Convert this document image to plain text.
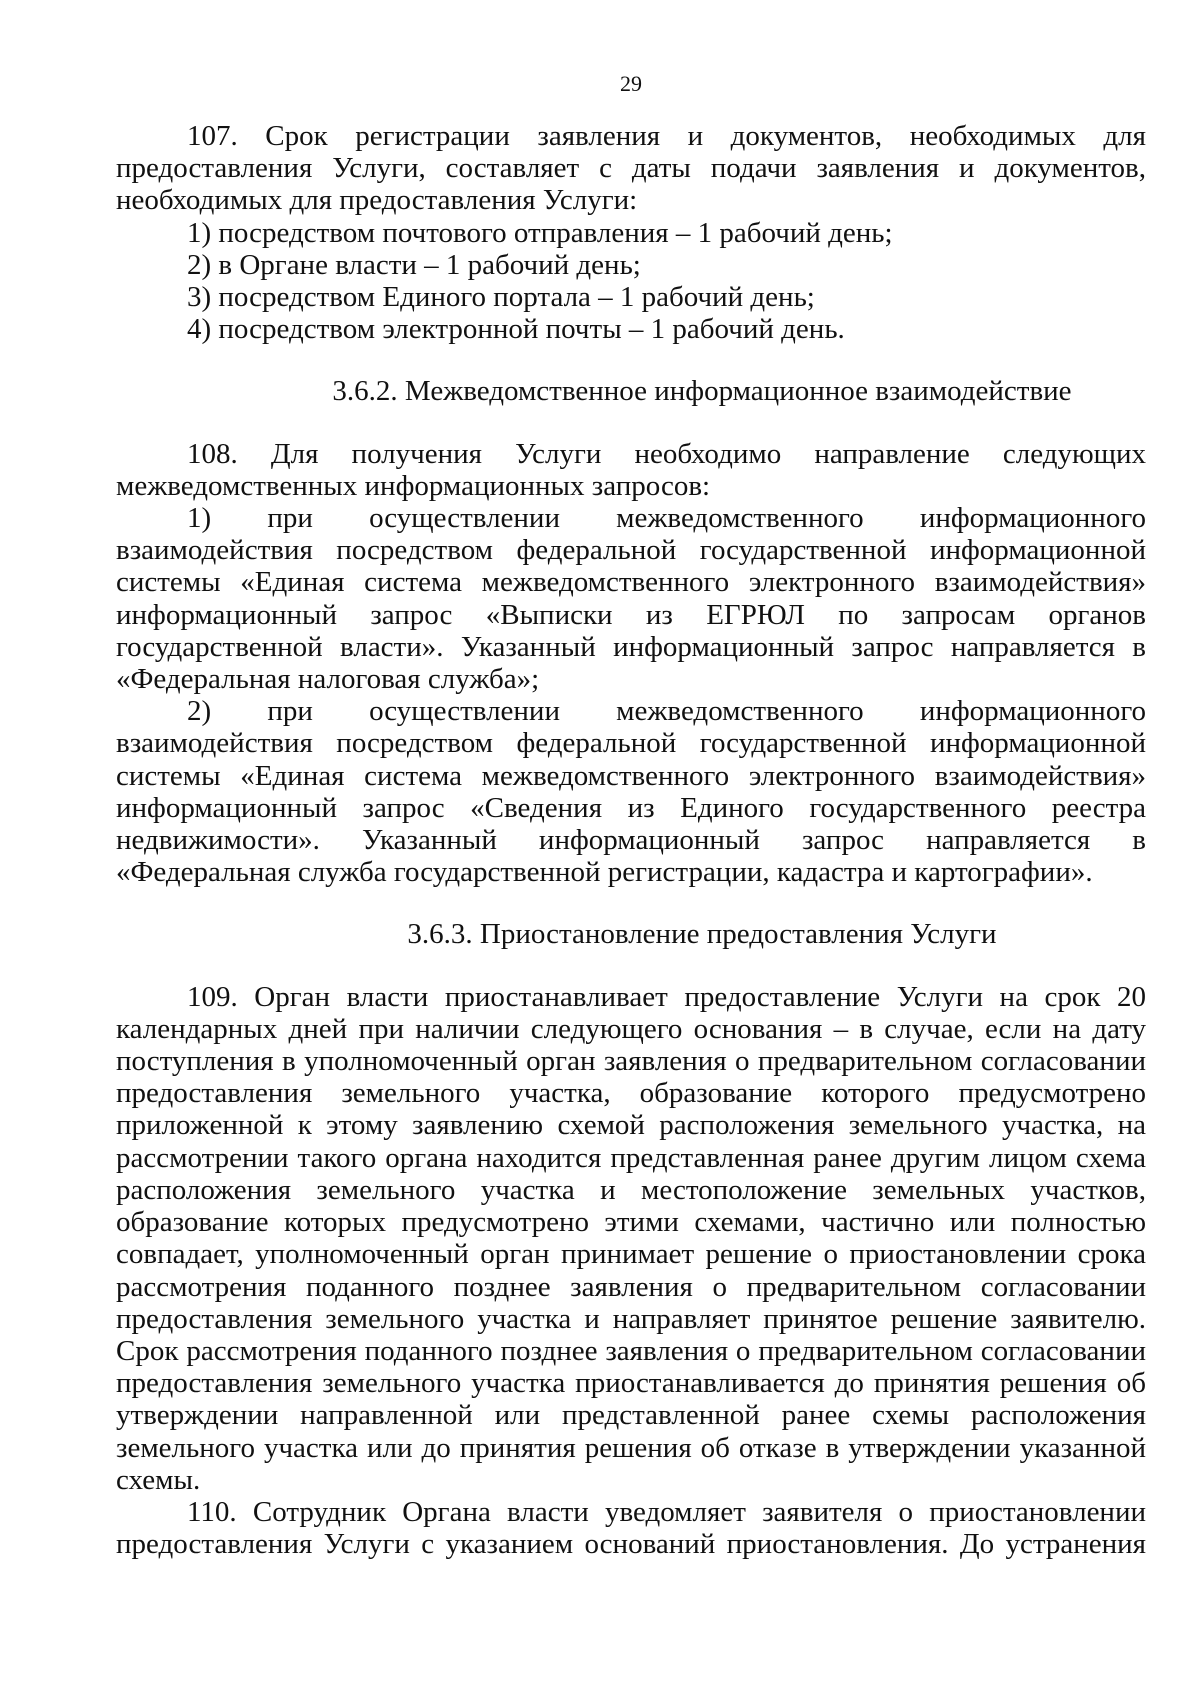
29

107. Срок регистрации заявления и документов, необходимых для предоставления Услуги, составляет с даты подачи заявления и документов, необходимых для предоставления Услуги:

1) посредством почтового отправления – 1 рабочий день;

2) в Органе власти – 1 рабочий день;

3) посредством Единого портала – 1 рабочий день;

4) посредством электронной почты – 1 рабочий день.

3.6.2. Межведомственное информационное взаимодействие

108. Для получения Услуги необходимо направление следующих межведомственных информационных запросов:

1) при осуществлении межведомственного информационного взаимодействия посредством федеральной государственной информационной системы «Единая система межведомственного электронного взаимодействия» информационный запрос «Выписки из ЕГРЮЛ по запросам органов государственной власти». Указанный информационный запрос направляется в «Федеральная налоговая служба»;

2) при осуществлении межведомственного информационного взаимодействия посредством федеральной государственной информационной системы «Единая система межведомственного электронного взаимодействия» информационный запрос «Сведения из Единого государственного реестра недвижимости». Указанный информационный запрос направляется в «Федеральная служба государственной регистрации, кадастра и картографии».

3.6.3. Приостановление предоставления Услуги

109. Орган власти приостанавливает предоставление Услуги на срок 20 календарных дней при наличии следующего основания – в случае, если на дату поступления в уполномоченный орган заявления о предварительном согласовании предоставления земельного участка, образование которого предусмотрено приложенной к этому заявлению схемой расположения земельного участка, на рассмотрении такого органа находится представленная ранее другим лицом схема расположения земельного участка и местоположение земельных участков, образование которых предусмотрено этими схемами, частично или полностью совпадает, уполномоченный орган принимает решение о приостановлении срока рассмотрения поданного позднее заявления о предварительном согласовании предоставления земельного участка и направляет принятое решение заявителю. Срок рассмотрения поданного позднее заявления о предварительном согласовании предоставления земельного участка приостанавливается до принятия решения об утверждении направленной или представленной ранее схемы расположения земельного участка или до принятия решения об отказе в утверждении указанной схемы.

110. Сотрудник Органа власти уведомляет заявителя о приостановлении предоставления Услуги с указанием оснований приостановления. До устранения
